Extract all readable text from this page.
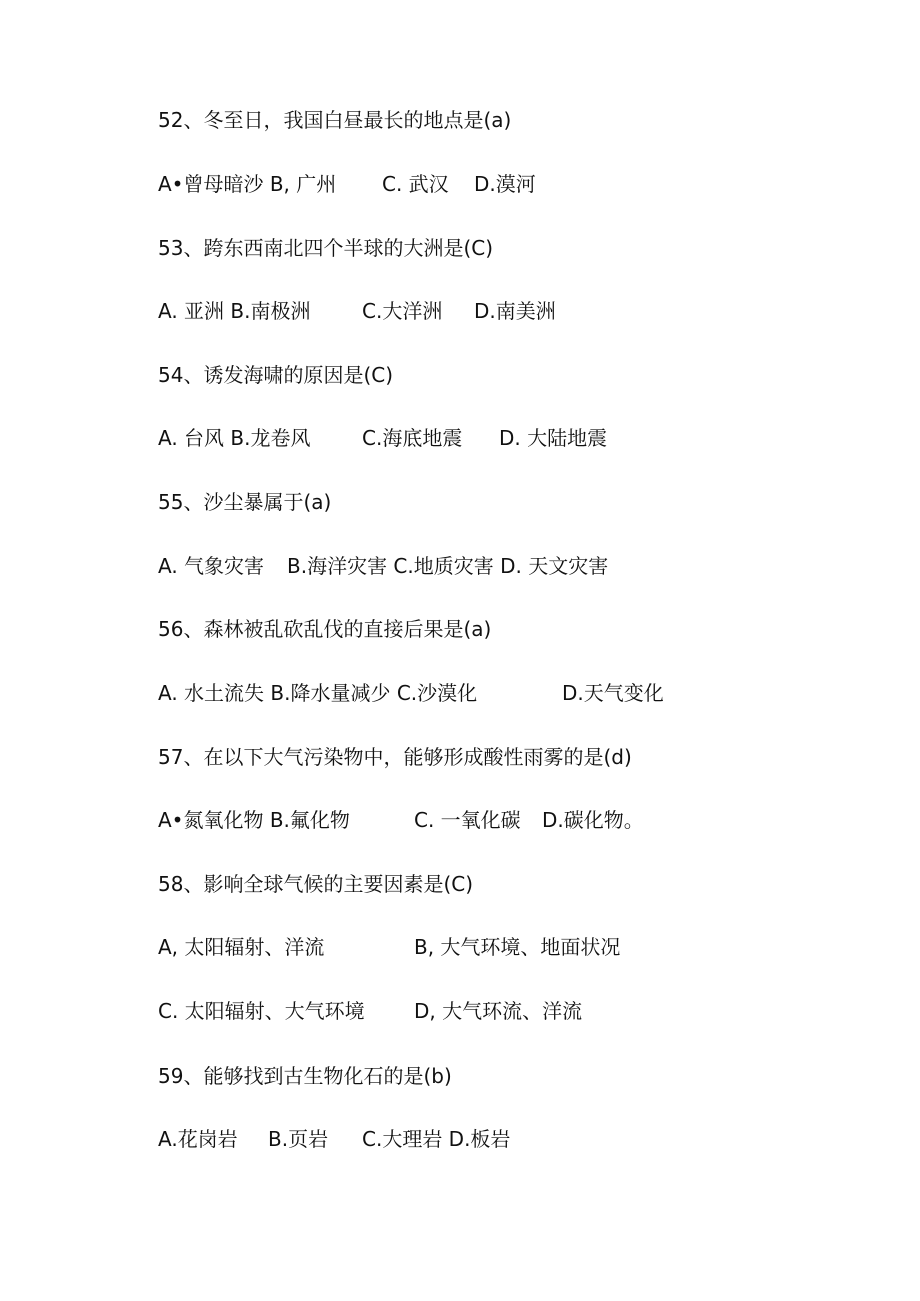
52、冬至日，我国白昼最长的地点是(a)
A•曾母暗沙 B, 广州 C. 武汉 D.漠河
53、跨东西南北四个半球的大洲是(C)
A. 亚洲 B.南极洲	C.大洋洲 D.南美洲
54、诱发海啸的原因是(C)
A. 台风 B.龙卷风	C.海底地震 D. 大陆地震
55、沙尘暴属于(a)
A. 气象灾害 B.海洋灾害 C.地质灾害 D. 天文灾害
56、森林被乱砍乱伐的直接后果是(a)
A. 水土流失 B.降水量减少 C.沙漠化	D.天气变化
57、在以下大气污染物中，能够形成酸性雨雾的是(d)
A•氮氧化物 B.氟化物	C. 一氧化碳 D.碳化物。
58、影响全球气候的主要因素是(C)
A, 太阳辐射、洋流	B, 大气环境、地面状况
C. 太阳辐射、大气环境 D, 大气环流、洋流
59、能够找到古生物化石的是(b)
A.花岗岩 B.页岩 C.大理岩 D.板岩
